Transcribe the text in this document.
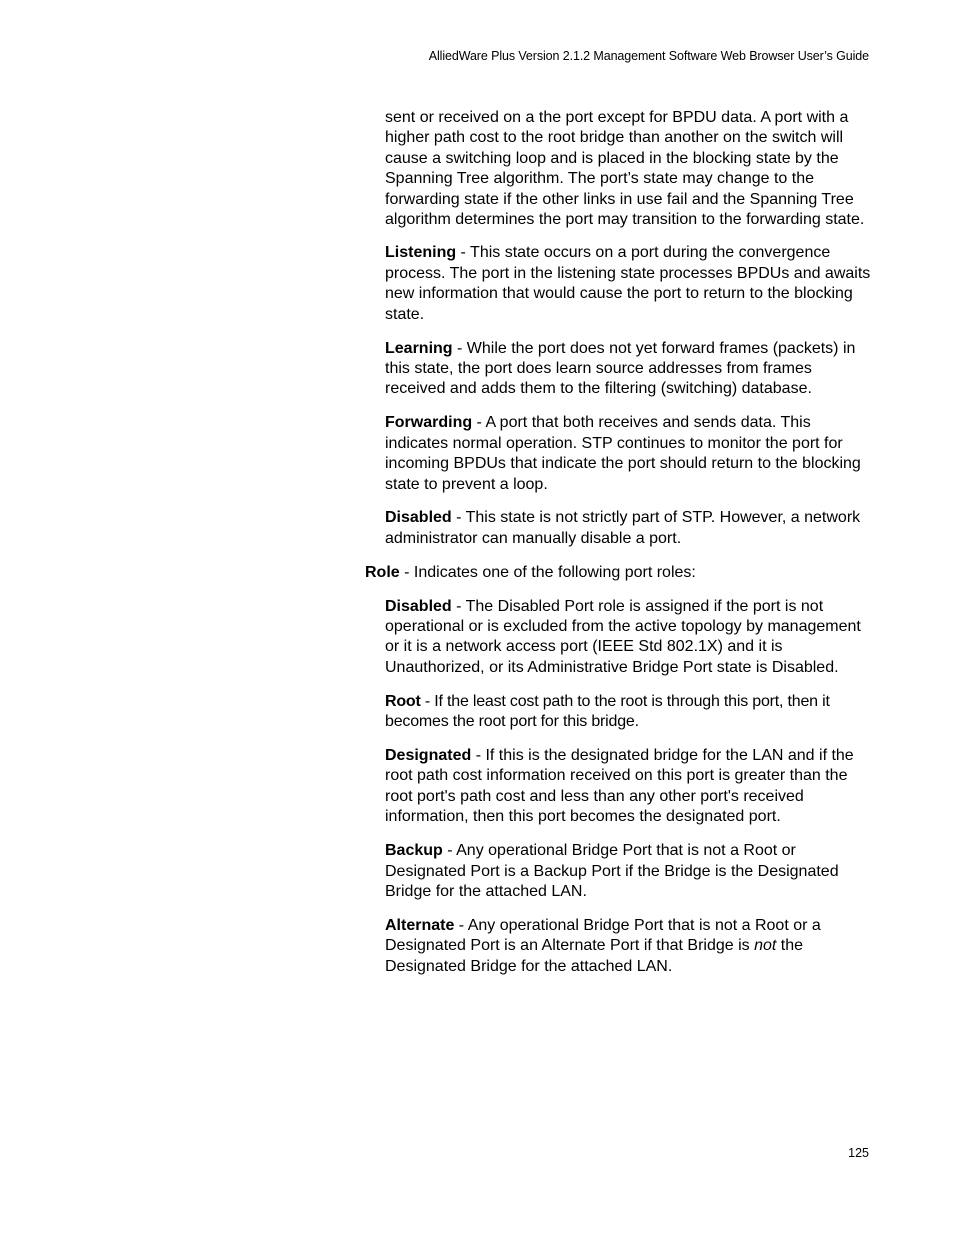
AlliedWare Plus Version 2.1.2 Management Software Web Browser User’s Guide

sent or received on a the port except for BPDU data. A port with a higher path cost to the root bridge than another on the switch will cause a switching loop and is placed in the blocking state by the Spanning Tree algorithm. The port’s state may change to the forwarding state if the other links in use fail and the Spanning Tree algorithm determines the port may transition to the forwarding state.

Listening - This state occurs on a port during the convergence process. The port in the listening state processes BPDUs and awaits new information that would cause the port to return to the blocking state.

Learning - While the port does not yet forward frames (packets) in this state, the port does learn source addresses from frames received and adds them to the filtering (switching) database.

Forwarding - A port that both receives and sends data. This indicates normal operation. STP continues to monitor the port for incoming BPDUs that indicate the port should return to the blocking state to prevent a loop.

Disabled - This state is not strictly part of STP. However, a network administrator can manually disable a port.

Role - Indicates one of the following port roles:

Disabled - The Disabled Port role is assigned if the port is not operational or is excluded from the active topology by management or it is a network access port (IEEE Std 802.1X) and it is Unauthorized, or its Administrative Bridge Port state is Disabled.

Root - If the least cost path to the root is through this port, then it becomes the root port for this bridge.

Designated - If this is the designated bridge for the LAN and if the root path cost information received on this port is greater than the root port's path cost and less than any other port's received information, then this port becomes the designated port.

Backup - Any operational Bridge Port that is not a Root or Designated Port is a Backup Port if the Bridge is the Designated Bridge for the attached LAN.

Alternate - Any operational Bridge Port that is not a Root or a Designated Port is an Alternate Port if that Bridge is not the Designated Bridge for the attached LAN.

125
